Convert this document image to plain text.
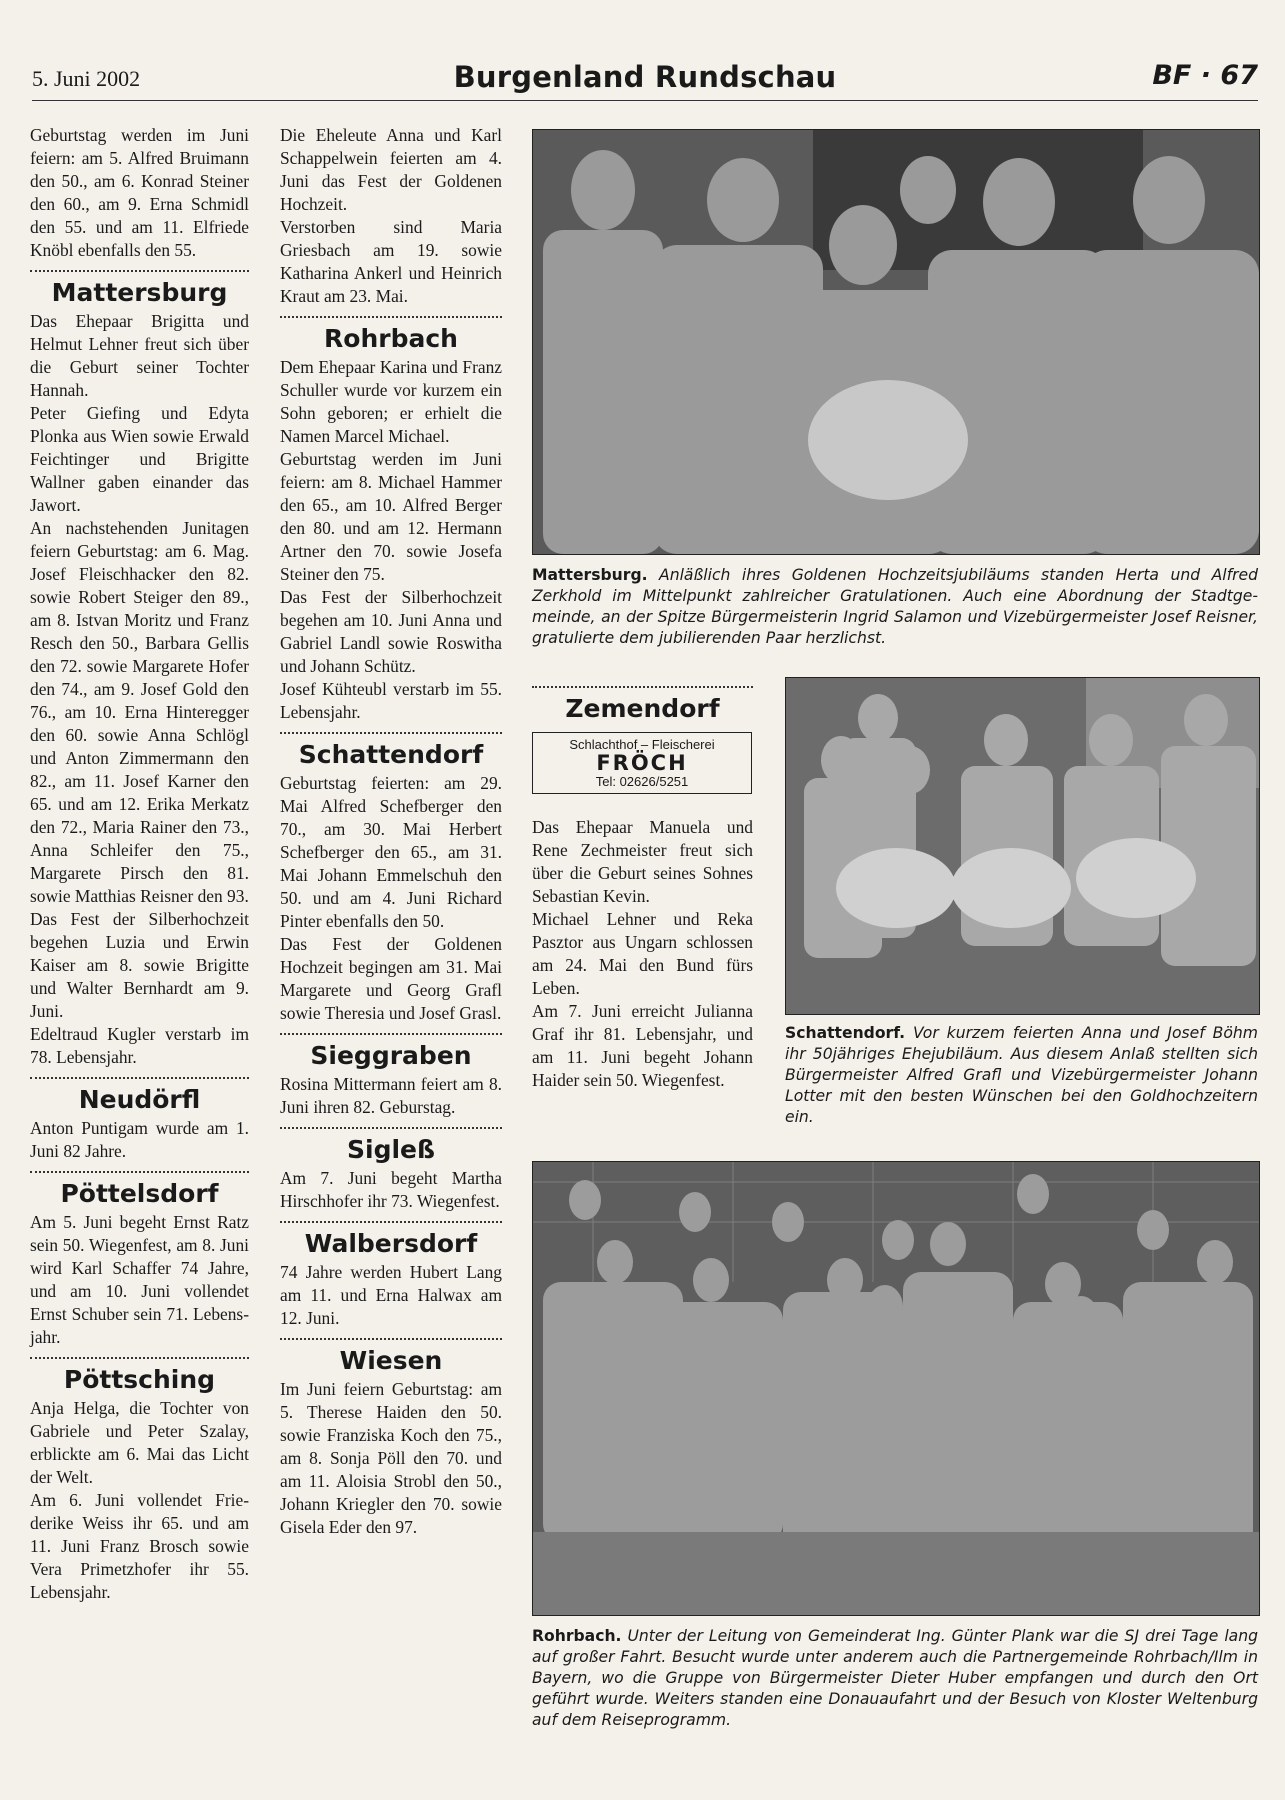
5. Juni 2002	Burgenland Rundschau	BF · 67

Geburtstag werden im Juni feiern: am 5. Alfred Bruimann den 50., am 6. Konrad Steiner den 60., am 9. Erna Schmidl den 55. und am 11. Elfriede Knöbl ebenfalls den 55.

Mattersburg

Das Ehepaar Brigitta und Helmut Lehner freut sich über die Geburt seiner Tochter Hannah.

Peter Giefing und Edyta Plonka aus Wien sowie Erwald Feichtinger und Brigitte Wallner gaben einander das Jawort.

An nachstehenden Junitagen feiern Geburtstag: am 6. Mag. Josef Fleischhacker den 82. sowie Robert Steiger den 89., am 8. Istvan Moritz und Franz Resch den 50., Barbara Gellis den 72. sowie Margarete Hofer den 74., am 9. Josef Gold den 76., am 10. Erna Hinteregger den 60. sowie Anna Schlögl und Anton Zimmermann den 82., am 11. Josef Karner den 65. und am 12. Erika Merkatz den 72., Maria Rainer den 73., Anna Schleifer den 75., Margarete Pirsch den 81. sowie Matthias Reisner den 93.

Das Fest der Silberhochzeit begehen Luzia und Erwin Kaiser am 8. sowie Brigitte und Walter Bernhardt am 9. Juni.

Edeltraud Kugler verstarb im 78. Lebensjahr.

Neudörfl

Anton Puntigam wurde am 1. Juni 82 Jahre.

Pöttelsdorf

Am 5. Juni begeht Ernst Ratz sein 50. Wiegenfest, am 8. Juni wird Karl Schaffer 74 Jahre, und am 10. Juni vollendet Ernst Schuber sein 71. Lebensjahr.

Pöttsching

Anja Helga, die Tochter von Gabriele und Peter Szalay, erblickte am 6. Mai das Licht der Welt.

Am 6. Juni vollendet Friederike Weiss ihr 65. und am 11. Juni Franz Brosch sowie Vera Primetzhofer ihr 55. Lebensjahr.

Die Eheleute Anna und Karl Schappelwein feierten am 4. Juni das Fest der Goldenen Hochzeit.

Verstorben sind Maria Griesbach am 19. sowie Katharina Ankerl und Heinrich Kraut am 23. Mai.

Rohrbach

Dem Ehepaar Karina und Franz Schuller wurde vor kurzem ein Sohn geboren; er erhielt die Namen Marcel Michael.

Geburtstag werden im Juni feiern: am 8. Michael Hammer den 65., am 10. Alfred Berger den 80. und am 12. Hermann Artner den 70. sowie Josefa Steiner den 75.

Das Fest der Silberhochzeit begehen am 10. Juni Anna und Gabriel Landl sowie Roswitha und Johann Schütz.

Josef Kühteubl verstarb im 55. Lebensjahr.

Schattendorf

Geburtstag feierten: am 29. Mai Alfred Schefberger den 70., am 30. Mai Herbert Schefberger den 65., am 31. Mai Johann Emmelschuh den 50. und am 4. Juni Richard Pinter ebenfalls den 50.

Das Fest der Goldenen Hochzeit begingen am 31. Mai Margarete und Georg Grafl sowie Theresia und Josef Grasl.

Sieggraben

Rosina Mittermann feiert am 8. Juni ihren 82. Geburstag.

Sigleß

Am 7. Juni begeht Martha Hirschhofer ihr 73. Wiegenfest.

Walbersdorf

74 Jahre werden Hubert Lang am 11. und Erna Halwax am 12. Juni.

Wiesen

Im Juni feiern Geburtstag: am 5. Therese Haiden den 50. sowie Franziska Koch den 75., am 8. Sonja Pöll den 70. und am 11. Aloisia Strobl den 50., Johann Kriegler den 70. sowie Gisela Eder den 97.

Zemendorf
Schlachthof – Fleischerei
FRÖCH
Tel: 02626/5251

Das Ehepaar Manuela und Rene Zechmeister freut sich über die Geburt seines Sohnes Sebastian Kevin.

Michael Lehner und Reka Pasztor aus Ungarn schlossen am 24. Mai den Bund fürs Leben.

Am 7. Juni erreicht Julianna Graf ihr 81. Lebensjahr, und am 11. Juni begeht Johann Haider sein 50. Wiegenfest.

Mattersburg. Anläßlich ihres Goldenen Hochzeitsjubiläums standen Herta und Alfred Zerkhold im Mittelpunkt zahlreicher Gratulationen. Auch eine Abordnung der Stadtgemeinde, an der Spitze Bürgermeisterin Ingrid Salamon und Vizebürgermeister Josef Reisner, gratulierte dem jubilierenden Paar herzlichst.
Schattendorf. Vor kurzem feierten Anna und Josef Böhm ihr 50jähriges Ehejubiläum. Aus diesem Anlaß stellten sich Bürgermeister Alfred Grafl und Vizebürgermeister Johann Lotter mit den besten Wünschen bei den Goldhochzeitern ein.
Rohrbach. Unter der Leitung von Gemeinderat Ing. Günter Plank war die SJ drei Tage lang auf großer Fahrt. Besucht wurde unter anderem auch die Partnergemeinde Rohrbach/Ilm in Bayern, wo die Gruppe von Bürgermeister Dieter Huber empfangen und durch den Ort geführt wurde. Weiters standen eine Donauaufahrt und der Besuch von Kloster Weltenburg auf dem Reiseprogramm.
